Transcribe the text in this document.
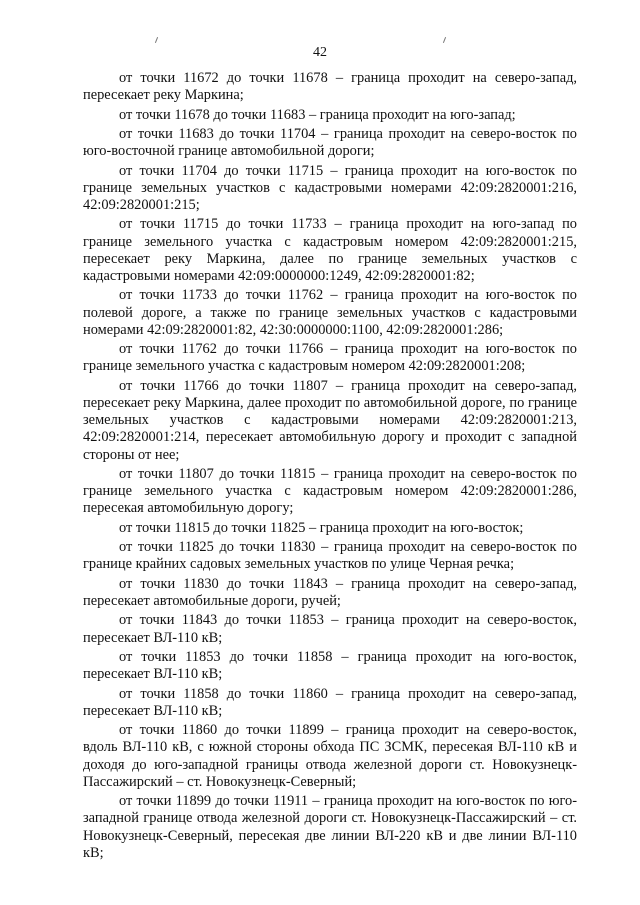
42

от точки 11672 до точки 11678 – граница проходит на северо-запад, пересекает реку Маркина;

от точки 11678 до точки 11683 – граница проходит на юго-запад;

от точки 11683 до точки 11704 – граница проходит на северо-восток по юго-восточной границе автомобильной дороги;

от точки 11704 до точки 11715 – граница проходит на юго-восток по границе земельных участков с кадастровыми номерами 42:09:2820001:216, 42:09:2820001:215;

от точки 11715 до точки 11733 – граница проходит на юго-запад по границе земельного участка с кадастровым номером 42:09:2820001:215, пересекает реку Маркина, далее по границе земельных участков с кадастровыми номерами 42:09:0000000:1249, 42:09:2820001:82;

от точки 11733 до точки 11762 – граница проходит на юго-восток по полевой дороге, а также по границе земельных участков с кадастровыми номерами 42:09:2820001:82, 42:30:0000000:1100, 42:09:2820001:286;

от точки 11762 до точки 11766 – граница проходит на юго-восток по границе земельного участка с кадастровым номером 42:09:2820001:208;

от точки 11766 до точки 11807 – граница проходит на северо-запад, пересекает реку Маркина, далее проходит по автомобильной дороге, по границе земельных участков с кадастровыми номерами 42:09:2820001:213, 42:09:2820001:214, пересекает автомобильную дорогу и проходит с западной стороны от нее;

от точки 11807 до точки 11815 – граница проходит на северо-восток по границе земельного участка с кадастровым номером 42:09:2820001:286, пересекая автомобильную дорогу;

от точки 11815 до точки 11825 – граница проходит на юго-восток;

от точки 11825 до точки 11830 – граница проходит на северо-восток по границе крайних садовых земельных участков по улице Черная речка;

от точки 11830 до точки 11843 – граница проходит на северо-запад, пересекает автомобильные дороги, ручей;

от точки 11843 до точки 11853 – граница проходит на северо-восток, пересекает ВЛ-110 кВ;

от точки 11853 до точки 11858 – граница проходит на юго-восток, пересекает ВЛ-110 кВ;

от точки 11858 до точки 11860 – граница проходит на северо-запад, пересекает ВЛ-110 кВ;

от точки 11860 до точки 11899 – граница проходит на северо-восток, вдоль ВЛ-110 кВ, с южной стороны обхода ПС ЗСМК, пересекая ВЛ-110 кВ и доходя до юго-западной границы отвода железной дороги ст. Новокузнецк-Пассажирский – ст. Новокузнецк-Северный;

от точки 11899 до точки 11911 – граница проходит на юго-восток по юго-западной границе отвода железной дороги ст. Новокузнецк-Пассажирский – ст. Новокузнецк-Северный, пересекая две линии ВЛ-220 кВ и две линии ВЛ-110 кВ;
